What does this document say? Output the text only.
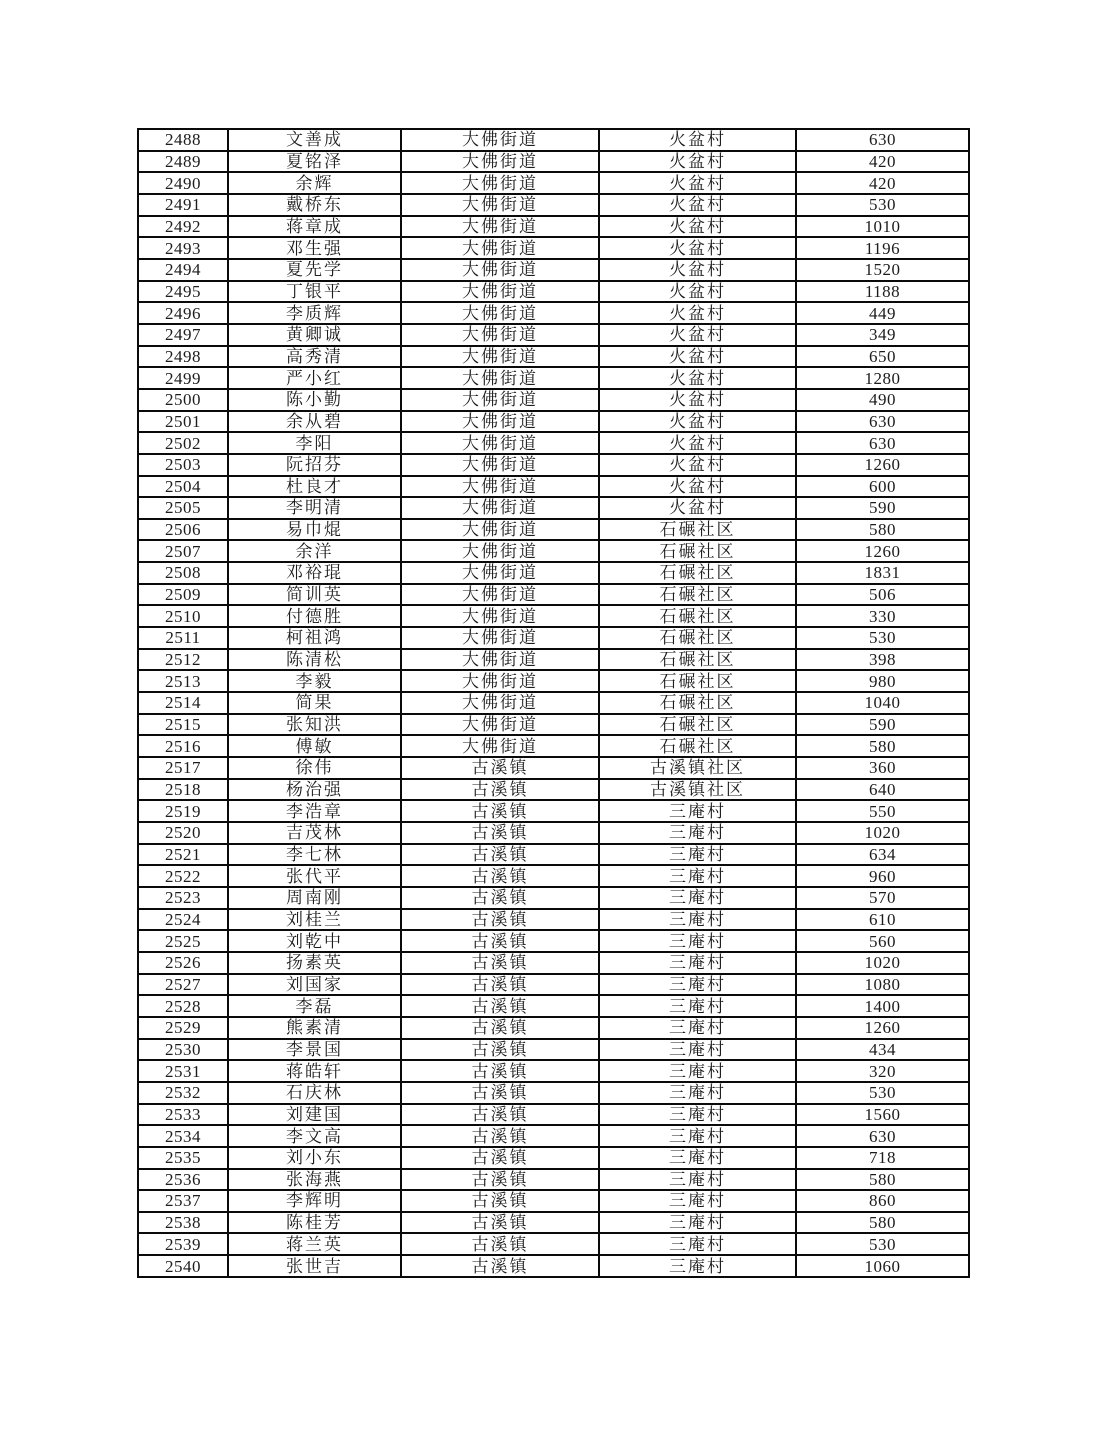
2488	文善成	大佛街道	火盆村	630
2489	夏铭泽	大佛街道	火盆村	420
2490	余辉	大佛街道	火盆村	420
2491	戴桥东	大佛街道	火盆村	530
2492	蒋章成	大佛街道	火盆村	1010
2493	邓生强	大佛街道	火盆村	1196
2494	夏先学	大佛街道	火盆村	1520
2495	丁银平	大佛街道	火盆村	1188
2496	李质辉	大佛街道	火盆村	449
2497	黄卿诚	大佛街道	火盆村	349
2498	高秀清	大佛街道	火盆村	650
2499	严小红	大佛街道	火盆村	1280
2500	陈小勤	大佛街道	火盆村	490
2501	余从碧	大佛街道	火盆村	630
2502	李阳	大佛街道	火盆村	630
2503	阮招芬	大佛街道	火盆村	1260
2504	杜良才	大佛街道	火盆村	600
2505	李明清	大佛街道	火盆村	590
2506	易巾焜	大佛街道	石碾社区	580
2507	余洋	大佛街道	石碾社区	1260
2508	邓裕琨	大佛街道	石碾社区	1831
2509	简训英	大佛街道	石碾社区	506
2510	付德胜	大佛街道	石碾社区	330
2511	柯祖鸿	大佛街道	石碾社区	530
2512	陈清松	大佛街道	石碾社区	398
2513	李毅	大佛街道	石碾社区	980
2514	简果	大佛街道	石碾社区	1040
2515	张知洪	大佛街道	石碾社区	590
2516	傅敏	大佛街道	石碾社区	580
2517	徐伟	古溪镇	古溪镇社区	360
2518	杨治强	古溪镇	古溪镇社区	640
2519	李浩章	古溪镇	三庵村	550
2520	吉茂林	古溪镇	三庵村	1020
2521	李七林	古溪镇	三庵村	634
2522	张代平	古溪镇	三庵村	960
2523	周南刚	古溪镇	三庵村	570
2524	刘桂兰	古溪镇	三庵村	610
2525	刘乾中	古溪镇	三庵村	560
2526	扬素英	古溪镇	三庵村	1020
2527	刘国家	古溪镇	三庵村	1080
2528	李磊	古溪镇	三庵村	1400
2529	熊素清	古溪镇	三庵村	1260
2530	李景国	古溪镇	三庵村	434
2531	蒋皓轩	古溪镇	三庵村	320
2532	石庆林	古溪镇	三庵村	530
2533	刘建国	古溪镇	三庵村	1560
2534	李文高	古溪镇	三庵村	630
2535	刘小东	古溪镇	三庵村	718
2536	张海燕	古溪镇	三庵村	580
2537	李辉明	古溪镇	三庵村	860
2538	陈桂芳	古溪镇	三庵村	580
2539	蒋兰英	古溪镇	三庵村	530
2540	张世吉	古溪镇	三庵村	1060
